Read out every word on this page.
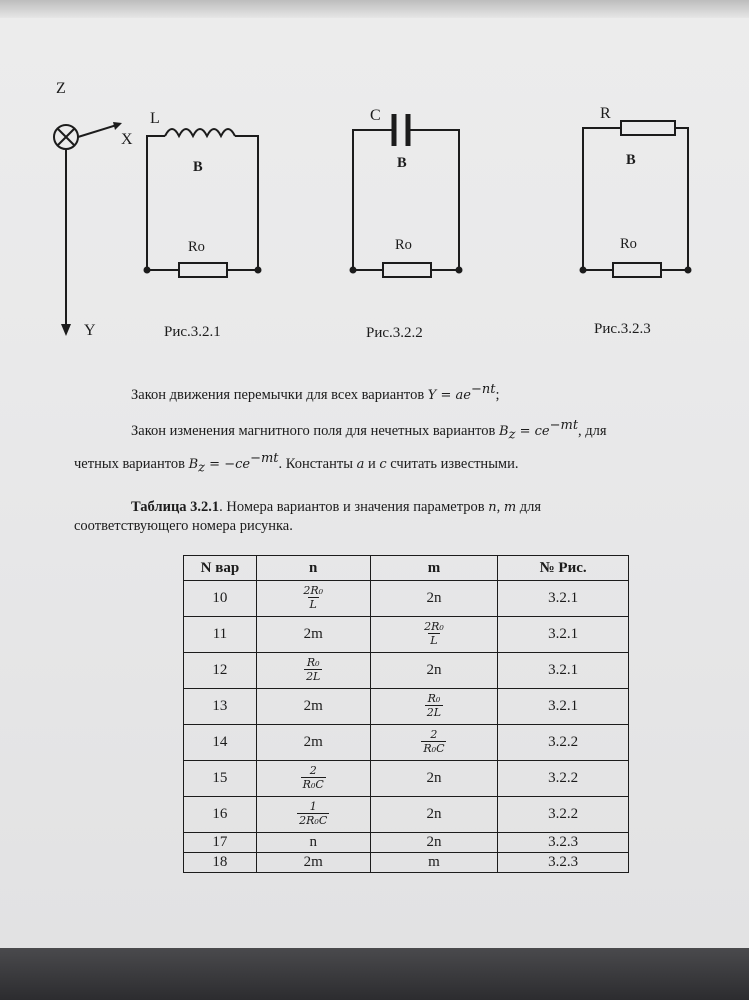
Z
X
Y
L
B
Ro
Рис.3.2.1
C
B
Ro
Рис.3.2.2
R
B
Ro
Рис.3.2.3
Закон движения перемычки для всех вариантов $Y = ae^{-nt}$;
Закон изменения магнитного поля для нечетных вариантов $B_z = ce^{-mt}$, для
четных вариантов $B_z = -ce^{-mt}$. Константы a и c считать известными.
Таблица 3.2.1. Номера вариантов и значения параметров n, m для
соответствующего номера рисунка.
N вар	n	m	№ Рис.
10	$\frac{\text{2R₀}}{L}$	2n	3.2.1
11	2m	$\frac{\text{2R₀}}{L}$	3.2.1
12	$\frac{\text{R₀}}{2L}$	2n	3.2.1
13	2m	$\frac{\text{R₀}}{2L}$	3.2.1
14	2m	$\frac{2}{\text{R₀C}}$	3.2.2
15	$\frac{2}{\text{R₀C}}$	2n	3.2.2
16	$\frac{1}{\text{2R₀C}}$	2n	3.2.2
17	n	2n	3.2.3
18	2m	m	3.2.3
